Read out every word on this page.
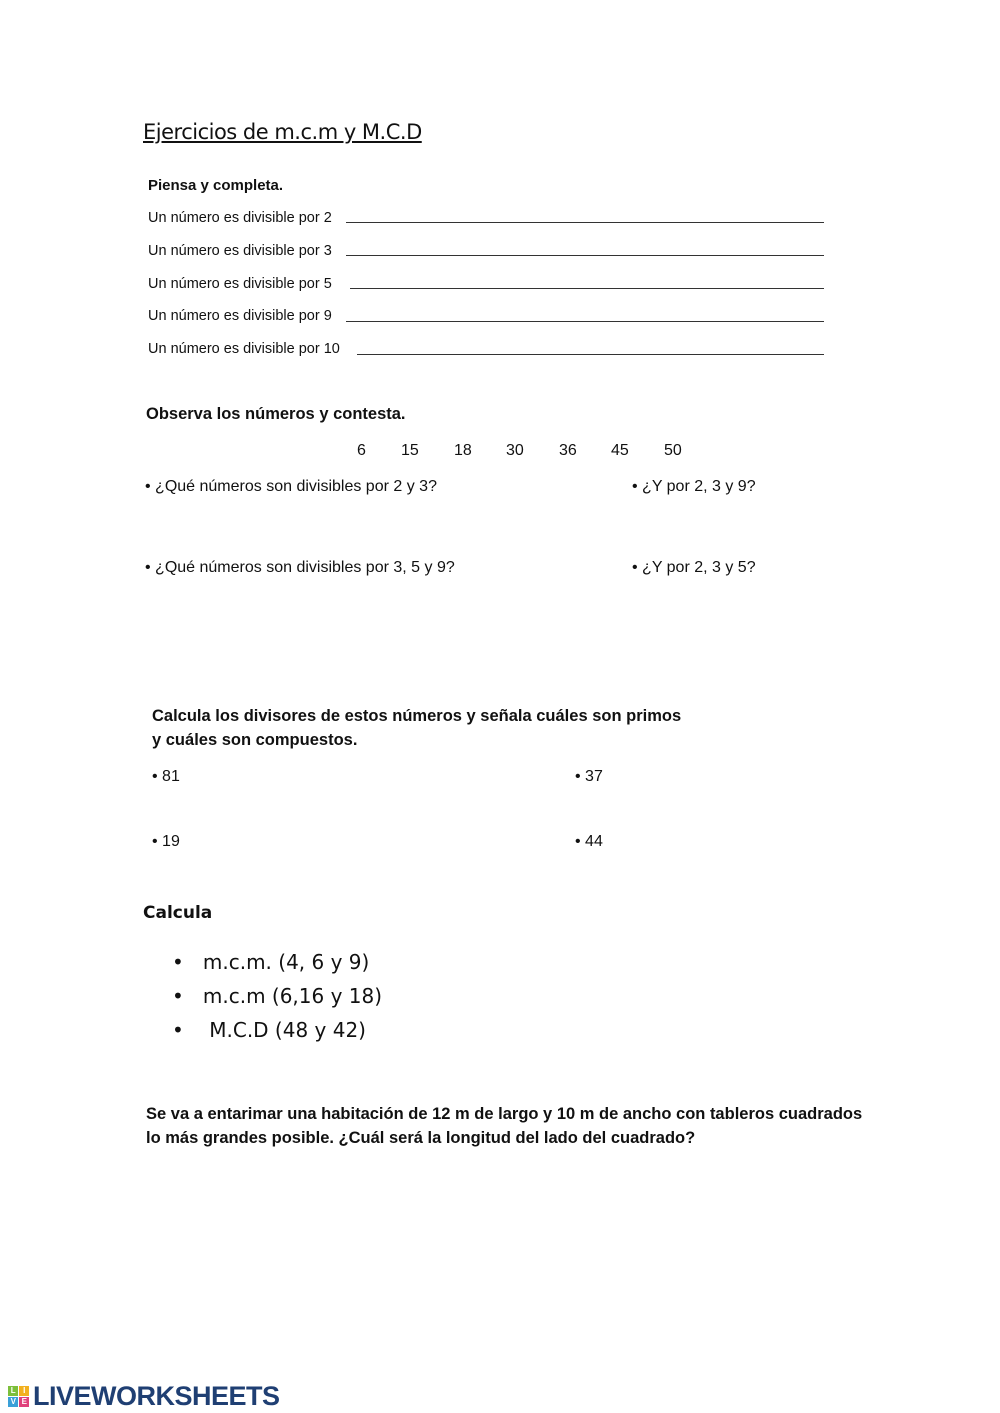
Ejercicios de m.c.m y M.C.D
Piensa y completa.
Un número es divisible por 2
Un número es divisible por 3
Un número es divisible por 5
Un número es divisible por 9
Un número es divisible por 10
Observa los números y contesta.
6 15 18 30 36 45 50
• ¿Qué números son divisibles por 2 y 3?	• ¿Y por 2, 3 y 9?
• ¿Qué números son divisibles por 3, 5 y 9?	• ¿Y por 2, 3 y 5?
Calcula los divisores de estos números y señala cuáles son primos
y cuáles son compuestos.
• 81	• 37
• 19	• 44
Calcula
•   m.c.m. (4, 6 y 9)
•   m.c.m (6,16 y 18)
•    M.C.D (48 y 42)
Se va a entarimar una habitación de 12 m de largo y 10 m de ancho con tableros cuadrados
lo más grandes posible. ¿Cuál será la longitud del lado del cuadrado?
L I
V E LIVEWORKSHEETS
